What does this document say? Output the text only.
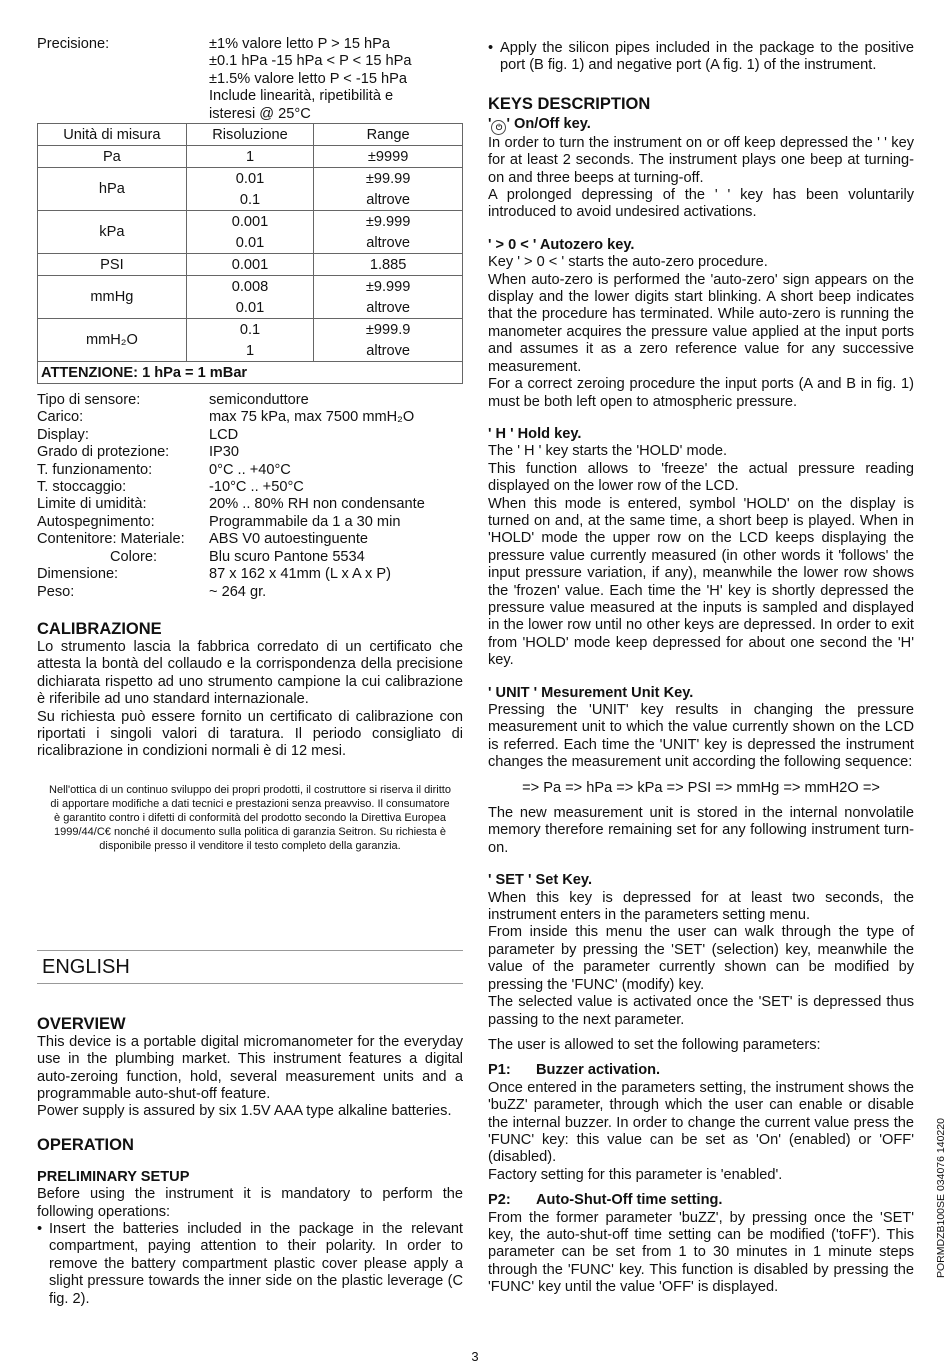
Precisione:	±1% valore letto P > 15 hPa
±0.1 hPa -15 hPa < P < 15 hPa
±1.5% valore letto P < -15 hPa
Include linearità, ripetibilità e
isteresi @ 25°C
Unità di misura	Risoluzione	Range
Pa	1	±9999
hPa	0.01	±99.99
	0.1	altrove
kPa	0.001	±9.999
	0.01	altrove
PSI	0.001	1.885
mmHg	0.008	±9.999
	0.01	altrove
mmH₂O	0.1	±999.9
	1	altrove
ATTENZIONE: 1 hPa = 1 mBar		
Tipo di sensore:	semiconduttore
Carico:	max 75 kPa, max 7500 mmH₂O
Display:	LCD
Grado di protezione:	IP30
T. funzionamento:	0°C .. +40°C
T. stoccaggio:	-10°C .. +50°C
Limite di umidità:	20% .. 80% RH non condensante
Autospegnimento:	Programmabile da 1 a 30 min
Contenitore: Materiale:	ABS V0 autoestinguente
Colore:	Blu scuro Pantone 5534
Dimensione:	87 x 162 x 41mm (L x A x P)
Peso:	~ 264 gr.
CALIBRAZIONE

Lo strumento lascia la fabbrica corredato di un certificato che attesta la bontà del collaudo e la corrispondenza della precisione dichiarata rispetto ad uno strumento campione la cui calibrazione è riferibile ad uno standard internazionale.

Su richiesta può essere fornito un certificato di calibrazione con riportati i singoli valori di taratura. Il periodo consigliato di ricalibrazione in condizioni normali è di 12 mesi.

Nell'ottica di un continuo sviluppo dei propri prodotti, il costruttore si riserva il diritto di apportare modifiche a dati tecnici e prestazioni senza preavviso. Il consumatore è garantito contro i difetti di conformità del prodotto secondo la Direttiva Europea 1999/44/C€ nonché il documento sulla politica di garanzia Seitron. Su richiesta è disponibile presso il venditore il testo completo della garanzia.
ENGLISH
OVERVIEW

This device is a portable digital micromanometer for the everyday use in the plumbing market. This instrument features a digital auto-zeroing function, hold, several measurement units and a programmable auto-shut-off feature.

Power supply is assured by six 1.5V AAA type alkaline batteries.

OPERATION
PRELIMINARY SETUP

Before using the instrument it is mandatory to perform the following operations:

• Insert the batteries included in the package in the relevant compartment, paying attention to their polarity. In order to remove the battery compartment plastic cover please apply a slight pressure towards the inner side on the plastic leverage (C fig. 2).
• Apply the silicon pipes included in the package to the positive port (B fig. 1) and negative port (A fig. 1) of the instrument.
KEYS DESCRIPTION
' ⏻ ' On/Off key.

In order to turn the instrument on or off keep depressed the ' ' key for at least 2 seconds. The instrument plays one beep at turning-on and three beeps at turning-off.

A prolonged depressing of the ' ' key has been voluntarily introduced to avoid undesired activations.

' > 0 < ' Autozero key.

Key ' > 0 < ' starts the auto-zero procedure.

When auto-zero is performed the 'auto-zero' sign appears on the display and the lower digits start blinking. A short beep indicates that the procedure has terminated. While auto-zero is running the manometer acquires the pressure value applied at the input ports and assumes it as a zero reference value for any successive measurement.

For a correct zeroing procedure the input ports (A and B in fig. 1) must be both left open to atmospheric pressure.

' H ' Hold key.

The ' H ' key starts the 'HOLD' mode.

This function allows to 'freeze' the actual pressure reading displayed on the lower row of the LCD.

When this mode is entered, symbol 'HOLD' on the display is turned on and, at the same time, a short beep is played. When in 'HOLD' mode the upper row on the LCD keeps displaying the pressure value currently measured (in other words it 'follows' the input pressure variation, if any), meanwhile the lower row shows the 'frozen' value. Each time the 'H' key is shortly depressed the pressure value measured at the inputs is sampled and displayed in the lower row until no other keys are depressed. In order to exit from 'HOLD' mode keep depressed for about one second the 'H' key.

' UNIT ' Mesurement Unit Key.

Pressing the 'UNIT' key results in changing the pressure measurement unit to which the value currently shown on the LCD is referred. Each time the 'UNIT' key is depressed the instrument changes the measurement unit according the following sequence:

=> Pa => hPa => kPa => PSI => mmHg => mmH2O =>

The new measurement unit is stored in the internal nonvolatile memory therefore remaining set for any following instrument turn-on.

' SET ' Set Key.

When this key is depressed for at least two seconds, the instrument enters in the parameters setting menu.

From inside this menu the user can walk through the type of parameter by pressing the 'SET' (selection) key, meanwhile the value of the parameter currently shown can be modified by pressing the 'FUNC' (modify) key.

The selected value is activated once the 'SET' is depressed thus passing to the next parameter.

The user is allowed to set the following parameters:

P1:	Buzzer activation.

Once entered in the parameters setting, the instrument shows the 'buZZ' parameter, through which the user can enable or disable the internal buzzer. In order to change the current value press the 'FUNC' key: this value can be set as 'On' (enabled) or 'OFF' (disabled).

Factory setting for this parameter is 'enabled'.

P2:	Auto-Shut-Off time setting.

From the former parameter 'buZZ', by pressing once the 'SET' key, the auto-shut-off time setting can be modified ('toFF'). This parameter can be set from 1 to 30 minutes in 1 minute steps through the 'FUNC' key. This function is disabled by pressing the 'FUNC' key until the value 'OFF' is displayed.

3
PORMDZB100SE 034076 140220
